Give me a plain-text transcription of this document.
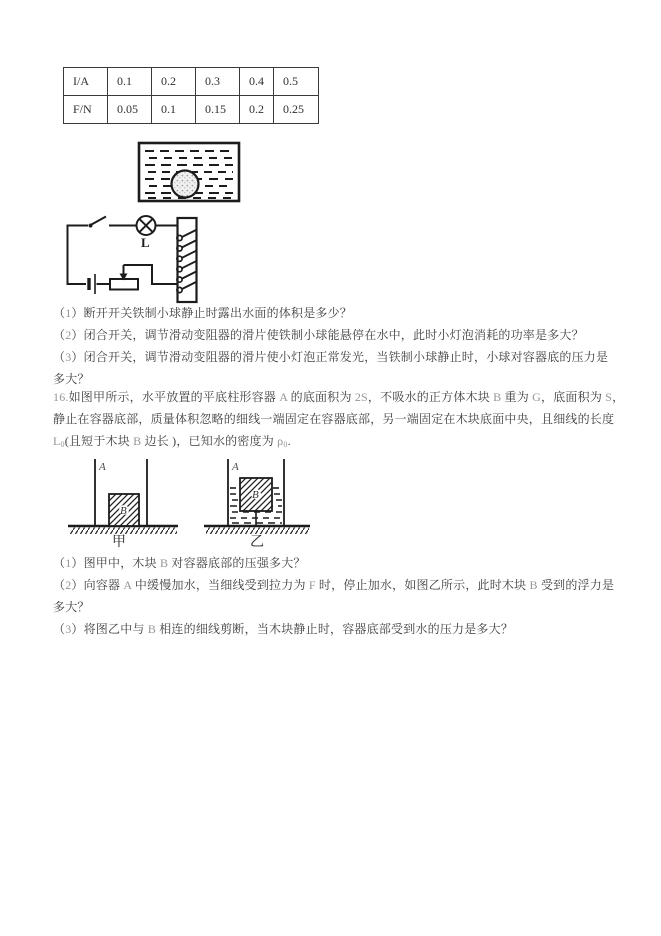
I/A	0.1	0.2	0.3	0.4	0.5
F/N	0.05	0.1	0.15	0.2	0.25
L
（1）断开开关铁制小球静止时露出水面的体积是多少？
（2）闭合开关，调节滑动变阻器的滑片使铁制小球能悬停在水中，此时小灯泡消耗的功率是多大？
（3）闭合开关，调节滑动变阻器的滑片使小灯泡正常发光，当铁制小球静止时，小球对容器底的压力是
多大？
16.如图甲所示，水平放置的平底柱形容器 A 的底面积为 2S，不吸水的正方体木块 B 重为 G，底面积为 S，
静止在容器底部，质量体积忽略的细线一端固定在容器底部，另一端固定在木块底面中央，且细线的长度
L0(且短于木块 B 边长 )，已知水的密度为 ρ0.
A
B
甲
A
B
乙
（1）图甲中，木块 B 对容器底部的压强多大？
（2）向容器 A 中缓慢加水，当细线受到拉力为 F 时，停止加水，如图乙所示，此时木块 B 受到的浮力是
多大？
（3）将图乙中与 B 相连的细线剪断，当木块静止时，容器底部受到水的压力是多大？
